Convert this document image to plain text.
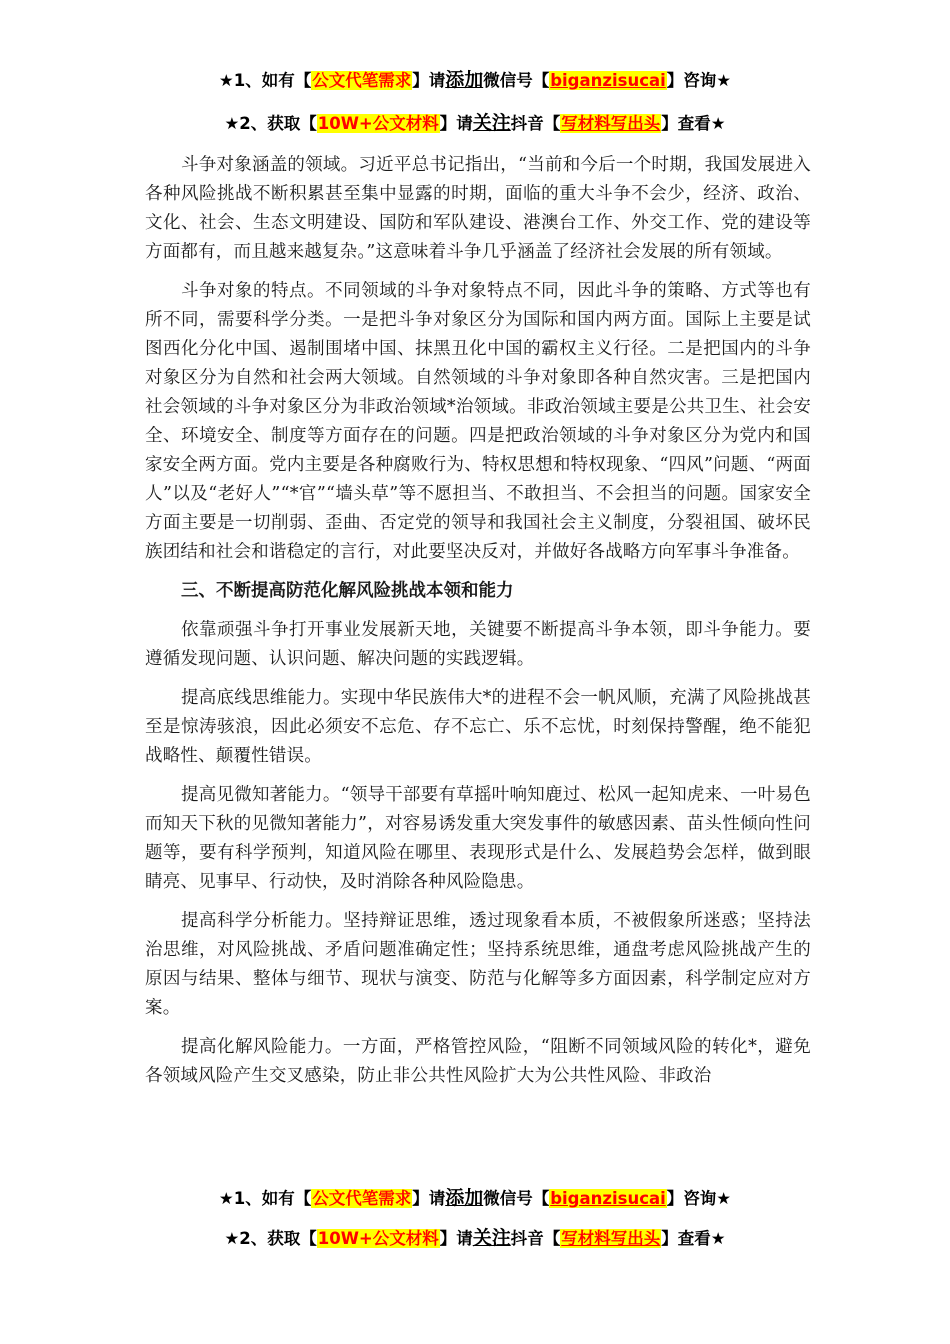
★1、如有【公文代笔需求】请添加微信号【biganzisucai】咨询★
★2、获取【10W+公文材料】请关注抖音【写材料写出头】查看★

斗争对象涵盖的领域。习近平总书记指出，“当前和今后一个时期，我国发展进入各种风险挑战不断积累甚至集中显露的时期，面临的重大斗争不会少，经济、政治、文化、社会、生态文明建设、国防和军队建设、港澳台工作、外交工作、党的建设等方面都有，而且越来越复杂。”这意味着斗争几乎涵盖了经济社会发展的所有领域。

斗争对象的特点。不同领域的斗争对象特点不同，因此斗争的策略、方式等也有所不同，需要科学分类。一是把斗争对象区分为国际和国内两方面。国际上主要是试图西化分化中国、遏制围堵中国、抹黑丑化中国的霸权主义行径。二是把国内的斗争对象区分为自然和社会两大领域。自然领域的斗争对象即各种自然灾害。三是把国内社会领域的斗争对象区分为非政治领域*治领域。非政治领域主要是公共卫生、社会安全、环境安全、制度等方面存在的问题。四是把政治领域的斗争对象区分为党内和国家安全两方面。党内主要是各种腐败行为、特权思想和特权现象、“四风”问题、“两面人”以及“老好人”“*官”“墙头草”等不愿担当、不敢担当、不会担当的问题。国家安全方面主要是一切削弱、歪曲、否定党的领导和我国社会主义制度，分裂祖国、破坏民族团结和社会和谐稳定的言行，对此要坚决反对，并做好各战略方向军事斗争准备。

三、不断提高防范化解风险挑战本领和能力

依靠顽强斗争打开事业发展新天地，关键要不断提高斗争本领，即斗争能力。要遵循发现问题、认识问题、解决问题的实践逻辑。

提高底线思维能力。实现中华民族伟大*的进程不会一帆风顺，充满了风险挑战甚至是惊涛骇浪，因此必须安不忘危、存不忘亡、乐不忘忧，时刻保持警醒，绝不能犯战略性、颠覆性错误。

提高见微知著能力。“领导干部要有草摇叶响知鹿过、松风一起知虎来、一叶易色而知天下秋的见微知著能力”，对容易诱发重大突发事件的敏感因素、苗头性倾向性问题等，要有科学预判，知道风险在哪里、表现形式是什么、发展趋势会怎样，做到眼睛亮、见事早、行动快，及时消除各种风险隐患。

提高科学分析能力。坚持辩证思维，透过现象看本质，不被假象所迷惑；坚持法治思维，对风险挑战、矛盾问题准确定性；坚持系统思维，通盘考虑风险挑战产生的原因与结果、整体与细节、现状与演变、防范与化解等多方面因素，科学制定应对方案。

提高化解风险能力。一方面，严格管控风险，“阻断不同领域风险的转化*，避免各领域风险产生交叉感染，防止非公共性风险扩大为公共性风险、非政治

★1、如有【公文代笔需求】请添加微信号【biganzisucai】咨询★
★2、获取【10W+公文材料】请关注抖音【写材料写出头】查看★
